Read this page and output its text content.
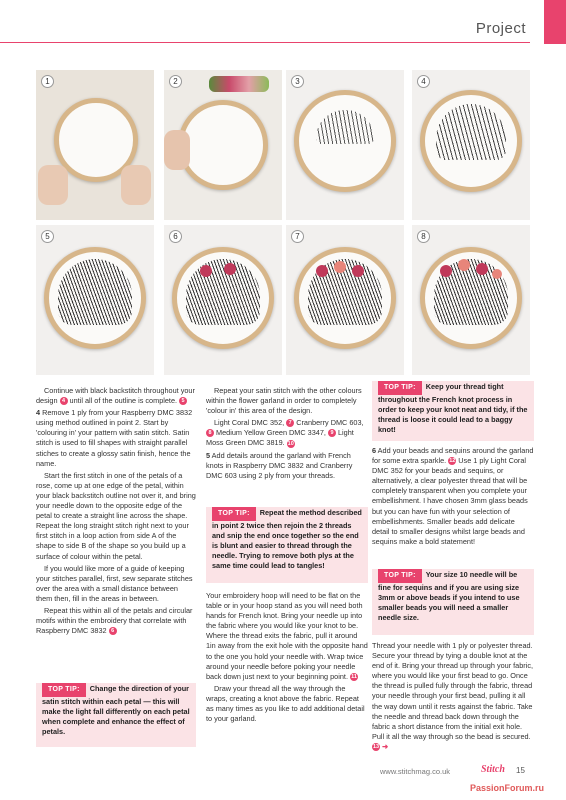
Project
1	2	3	4
5	6	7	8

Continue with black backstitch throughout your design 4 until all of the outline is complete. 5

4 Remove 1 ply from your Raspberry DMC 3832 using method outlined in point 2. Start by 'colouring in' your pattern with satin stitch. Satin stitch is used to fill shapes with straight parallel stiches to create a glossy satin finish, hence the name.

Start the first stitch in one of the petals of a rose, come up at one edge of the petal, within your black backstitch outline not over it, and bring your needle down to the opposite edge of the petal to create a straight line across the shape. Repeat the long straight stitch right next to your first stitch in a loop action from side A of the shape to side B of the shape so you build up a surface of colour within the petal.

If you would like more of a guide of keeping your stitches parallel, first, sew separate stitches over the area with a small distance between them then, fill in the areas in between.

Repeat this within all of the petals and circular motifs within the embroidery that correlate with Raspberry DMC 3832 6

TOP TIP: Change the direction of your satin stitch within each petal — this will make the light fall differently on each petal when complete and enhance the effect of petals.

Repeat your satin stitch with the other colours within the flower garland in order to completely 'colour in' this area of the design.

Light Coral DMC 352, 7 Cranberry DMC 603, 8 Medium Yellow Green DMC 3347, 9 Light Moss Green DMC 3819. 10

5 Add details around the garland with French knots in Raspberry DMC 3832 and Cranberry DMC 603 using 2 ply from your threads.

TOP TIP: Repeat the method described in point 2 twice then rejoin the 2 threads and snip the end once together so the end is blunt and easier to thread through the needle. Trying to remove both plys at the same time could lead to tangles!

Your embroidery hoop will need to be flat on the table or in your hoop stand as you will need both hands for French knot. Bring your needle up into the fabric where you would like your knot to be. Where the thread exits the fabric, pull it around 1in away from the exit hole with the opposite hand to the one you hold your needle with. Wrap twice around your needle before poking your needle back down just next to your beginning point. 11

Draw your thread all the way through the wraps, creating a knot above the fabric. Repeat as many times as you like to add additional detail to your garland.

TOP TIP: Keep your thread tight throughout the French knot process in order to keep your knot neat and tidy, if the thread is loose it could lead to a baggy knot!

6 Add your beads and sequins around the garland for some extra sparkle. 12 Use 1 ply Light Coral DMC 352 for your beads and sequins, or alternatively, a clear polyester thread that will be completely transparent when you complete your embellishment. I have chosen 3mm glass beads but you can have fun with your selection of embellishments. Smaller beads add delicate detail to smaller designs whilst large beads and sequins make a bold statement!

TOP TIP: Your size 10 needle will be fine for sequins and if you are using size 3mm or above beads if you intend to use smaller beads you will need a smaller needle size.

Thread your needle with 1 ply or polyester thread. Secure your thread by tying a double knot at the end of it. Bring your thread up through your fabric, where you would like your first bead to go. Once the thread is pulled fully through the fabric, thread your needle through your first bead, pulling it all the way down until it rests against the fabric. Take the needle and thread back down through the fabric a short distance from the initial exit hole. Pull it all the way through so the bead is secured. 13 ➜

www.stitchmag.co.uk	Stitch 15
PassionForum.ru
